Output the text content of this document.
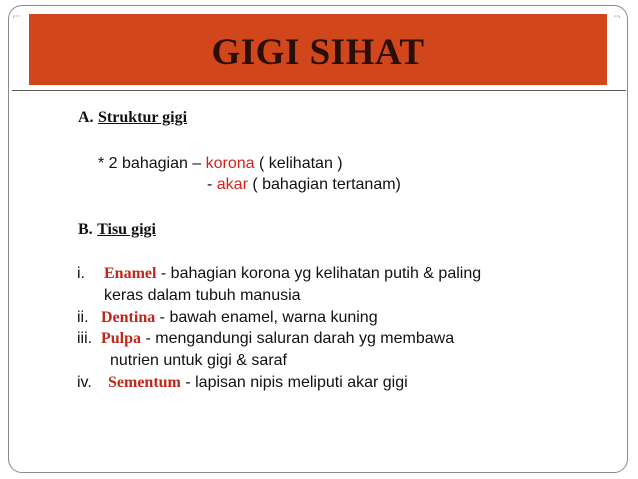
⌐	¬
GIGI SIHAT
A. Struktur gigi
* 2 bahagian – korona ( kelihatan )
- akar ( bahagian tertanam)
B. Tisu gigi
i. Enamel - bahagian korona yg kelihatan putih & paling
keras dalam tubuh manusia
ii. Dentina - bawah enamel, warna kuning
iii. Pulpa - mengandungi saluran darah yg membawa
nutrien untuk gigi & saraf
iv. Sementum - lapisan nipis meliputi akar gigi
